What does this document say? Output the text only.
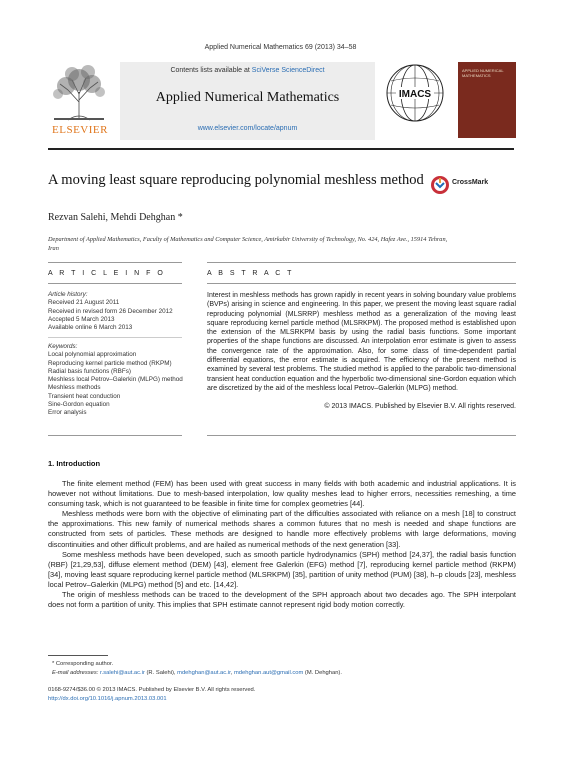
Applied Numerical Mathematics 69 (2013) 34–58
ELSEVIER
Contents lists available at SciVerse ScienceDirect
Applied Numerical Mathematics
www.elsevier.com/locate/apnum
IMACS
APPLIED NUMERICAL MATHEMATICS
A moving least square reproducing polynomial meshless method	CrossMark
Rezvan Salehi, Mehdi Dehghan *
Department of Applied Mathematics, Faculty of Mathematics and Computer Science, Amirkabir University of Technology, No. 424, Hafez Ave., 15914 Tehran, Iran
A R T I C L E I N F O	A B S T R A C T
Article history:
Received 21 August 2011
Received in revised form 26 December 2012
Accepted 5 March 2013
Available online 6 March 2013
Keywords:
Local polynomial approximation
Reproducing kernel particle method (RKPM)
Radial basis functions (RBFs)
Meshless local Petrov–Galerkin (MLPG) method
Meshless methods
Transient heat conduction
Sine-Gordon equation
Error analysis
Interest in meshless methods has grown rapidly in recent years in solving boundary value problems (BVPs) arising in science and engineering. In this paper, we present the moving least square radial reproducing polynomial (MLSRRP) meshless method as a generalization of the moving least square reproducing kernel particle method (MLSRKPM). The proposed method is established upon the extension of the MLSRKPM basis by using the radial basis functions. Some important properties of the shape functions are discussed. An interpolation error estimate is given to assess the convergence rate of the approximation. Also, for some class of time-dependent partial differential equations, the error estimate is acquired. The efficiency of the present method is examined by several test problems. The studied method is applied to the parabolic two-dimensional transient heat conduction equation and the hyperbolic two-dimensional sine-Gordon equation which are discretized by the aid of the meshless local Petrov–Galerkin (MLPG) method.
© 2013 IMACS. Published by Elsevier B.V. All rights reserved.
1. Introduction

The finite element method (FEM) has been used with great success in many fields with both academic and industrial applications. It is however not without limitations. Due to mesh-based interpolation, low quality meshes lead to higher errors, necessities remeshing, a time consuming task, which is not guaranteed to be feasible in finite time for complex geometries [44].

Meshless methods were born with the objective of eliminating part of the difficulties associated with reliance on a mesh [18] to construct the approximations. This new family of numerical methods shares a common futures that no mesh is needed and shape functions are constructed from sets of particles. These methods are designed to handle more effectively problems with large deformations, moving discontinuities and other difficult problems, and are hailed as numerical methods of the next generation [33].

Some meshless methods have been developed, such as smooth particle hydrodynamics (SPH) method [24,37], the radial basis function (RBF) [21,29,53], diffuse element method (DEM) [43], element free Galerkin (EFG) method [7], reproducing kernel particle method (RKPM) [34], moving least square reproducing kernel particle method (MLSRKPM) [35], partition of unity method (PUM) [38], h–p clouds [23], meshless local Petrov–Galerkin (MLPG) method [5] and etc. [14,42].

The origin of meshless methods can be traced to the development of the SPH approach about two decades ago. The SPH interpolant does not form a partition of unity. This implies that SPH estimate cannot represent rigid body motion correctly.

* Corresponding author.
E-mail addresses: r.salehi@aut.ac.ir (R. Salehi), mdehghan@aut.ac.ir, mdehghan.aut@gmail.com (M. Dehghan).
0168-9274/$36.00 © 2013 IMACS. Published by Elsevier B.V. All rights reserved.
http://dx.doi.org/10.1016/j.apnum.2013.03.001
